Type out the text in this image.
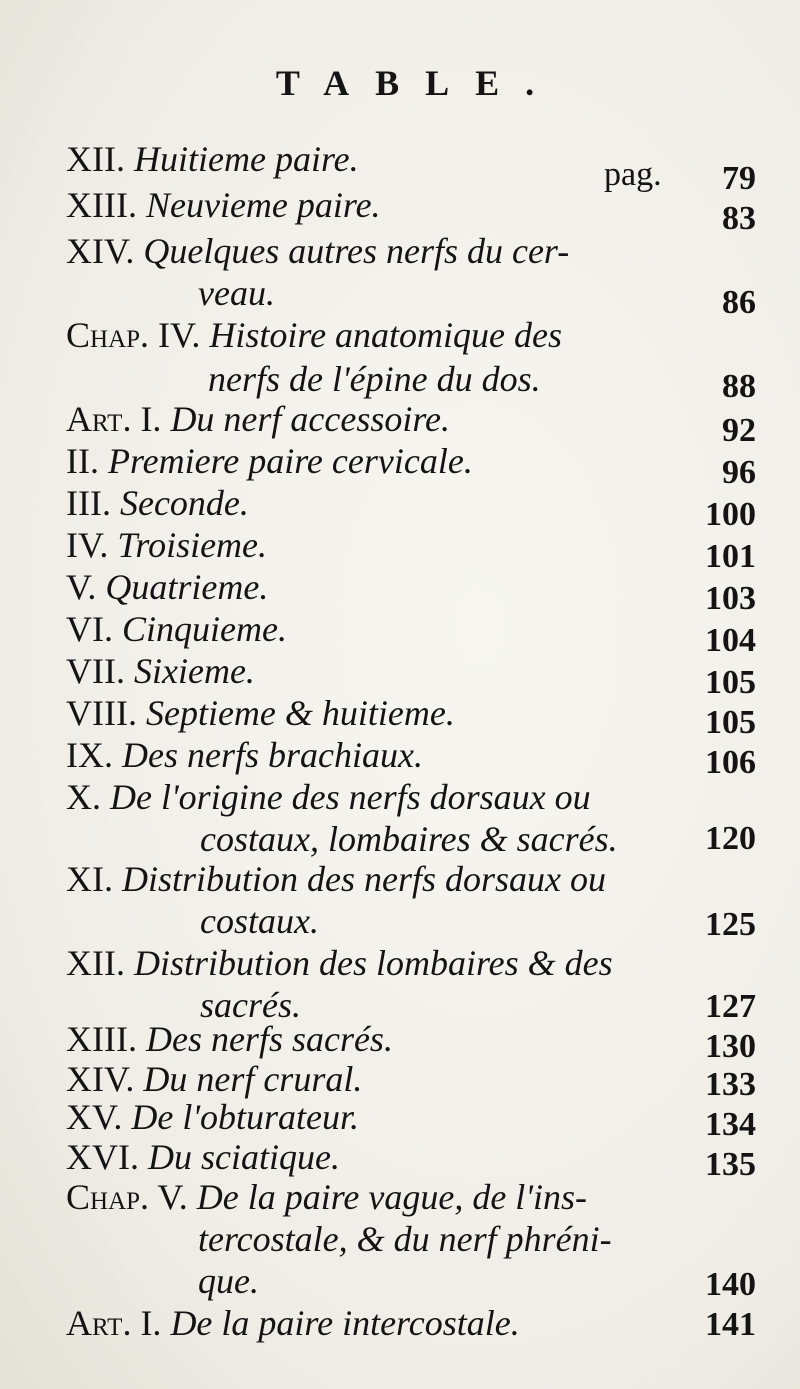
TABLE.
XII. Huitieme paire.	pag. 79
XIII. Neuvieme paire.	83
XIV. Quelques autres nerfs du cer-
veau.	86
Chap. IV. Histoire anatomique des
nerfs de l'épine du dos.	88
Art. I. Du nerf accessoire.	92
II. Premiere paire cervicale.	96
III. Seconde.	100
IV. Troisieme.	101
V. Quatrieme.	103
VI. Cinquieme.	104
VII. Sixieme.	105
VIII. Septieme & huitieme.	105
IX. Des nerfs brachiaux.	106
X. De l'origine des nerfs dorsaux ou
costaux, lombaires & sacrés.	120
XI. Distribution des nerfs dorsaux ou
costaux.	125
XII. Distribution des lombaires & des
sacrés.	127
XIII. Des nerfs sacrés.	130
XIV. Du nerf crural.	133
XV. De l'obturateur.	134
XVI. Du sciatique.	135
Chap. V. De la paire vague, de l'ins-
tercostale, & du nerf phréni-
que.	140
Art. I. De la paire intercostale.	141
